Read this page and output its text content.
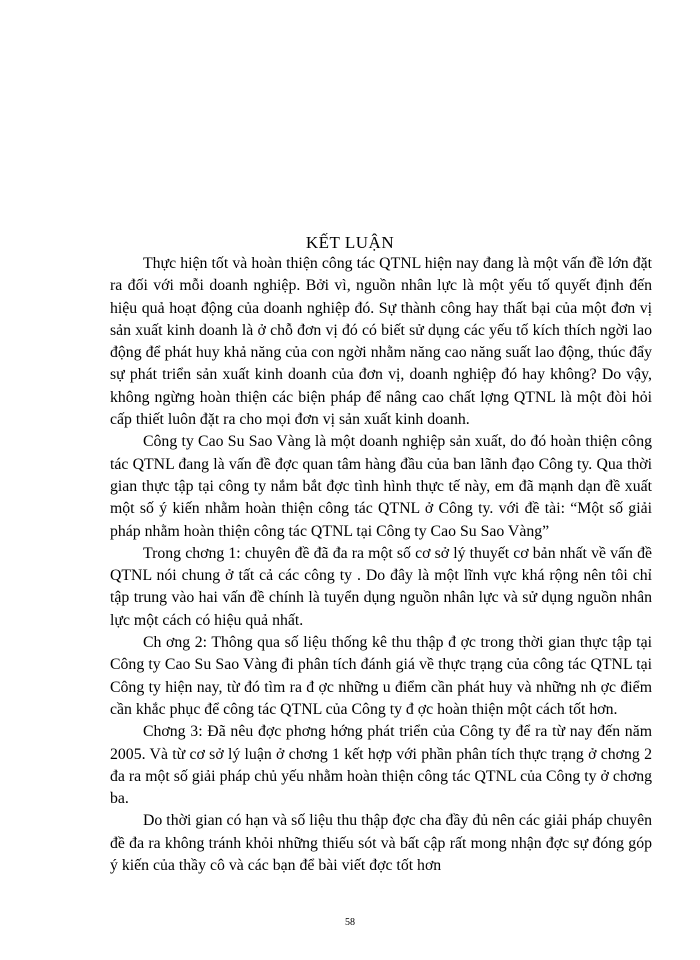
KẾT LUẬN

Thực hiện tốt và hoàn thiện công tác QTNL hiện nay đang là một vấn đề lớn đặt ra đối với mỗi doanh nghiệp. Bởi vì, nguồn nhân lực là một yếu tố quyết định đến hiệu quả hoạt động của doanh nghiệp đó. Sự thành công hay thất bại của một đơn vị sản xuất kinh doanh là ở chỗ đơn vị đó có biết sử dụng các yếu tố kích thích ngời lao động để phát huy khả năng của con ngời nhằm năng cao năng suất lao động, thúc đẩy sự phát triển sản xuất kinh doanh của đơn vị, doanh nghiệp đó hay không? Do vậy, không ngừng hoàn thiện các biện pháp để nâng cao chất lợng QTNL là một đòi hỏi cấp thiết luôn đặt ra cho mọi đơn vị sản xuất kinh doanh.

Công ty Cao Su Sao Vàng là một doanh nghiệp sản xuất, do đó hoàn thiện công tác QTNL đang là vấn đề đợc quan tâm hàng đầu của ban lãnh đạo Công ty. Qua thời gian thực tập tại công ty nắm bắt đợc tình hình thực tế này, em đã mạnh dạn đề xuất một số ý kiến nhằm hoàn thiện công tác QTNL ở Công ty. với đề tài: “Một số giải pháp nhằm hoàn thiện công tác QTNL tại Công ty Cao Su Sao Vàng”

Trong chơng 1: chuyên đề đã đa ra một số cơ sở lý thuyết cơ bản nhất về vấn đề QTNL nói chung ở tất cả các công ty . Do đây là một lĩnh vực khá rộng nên tôi chỉ tập trung vào hai vấn đề chính là tuyển dụng nguồn nhân lực và sử dụng nguồn nhân lực một cách có hiệu quả nhất.

Ch ơng 2: Thông qua số liệu thống kê thu thập đ ợc trong thời gian thực tập tại Công ty Cao Su Sao Vàng đi phân tích đánh giá về thực trạng của công tác QTNL tại Công ty hiện nay, từ đó tìm ra đ ợc những u điểm cần phát huy và những nh ợc điểm cần khắc phục để công tác QTNL của Công ty đ ợc hoàn thiện một cách tốt hơn.

Chơng 3: Đã nêu đợc phơng hớng phát triển của Công ty để ra từ nay đến năm 2005. Và từ cơ sở lý luận ở chơng 1 kết hợp với phần phân tích thực trạng ở chơng 2 đa ra một số giải pháp chủ yếu nhằm hoàn thiện công tác QTNL của Công ty ở chơng ba.

Do thời gian có hạn và số liệu thu thập đợc cha đầy đủ nên các giải pháp chuyên đề đa ra không tránh khỏi những thiếu sót và bất cập rất mong nhận đợc sự đóng góp ý kiến của thầy cô và các bạn để bài viết đợc tốt hơn

58
